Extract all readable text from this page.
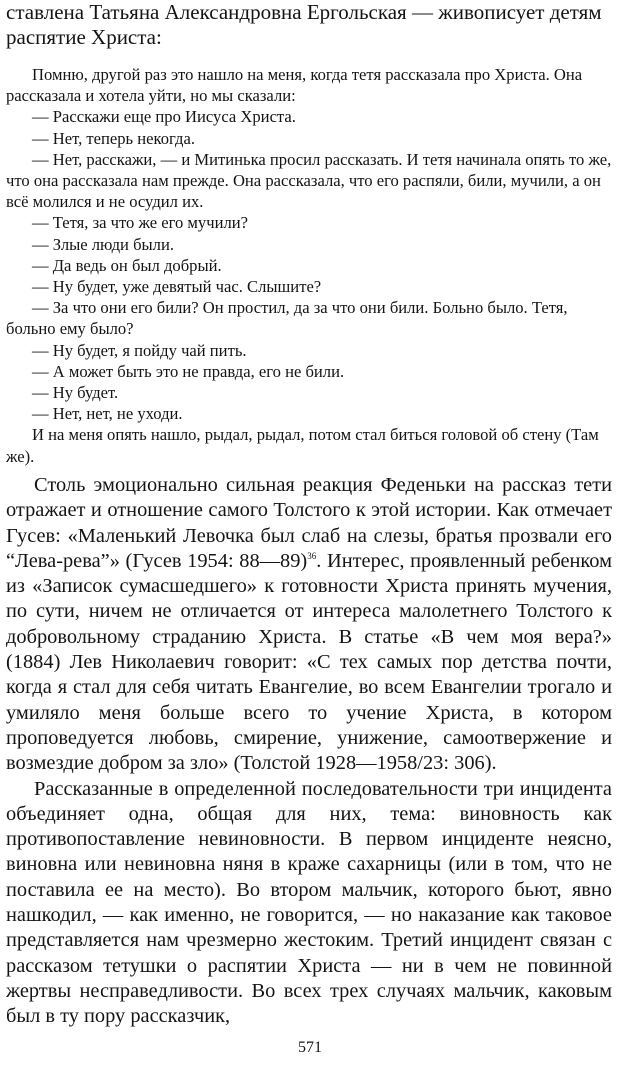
ставлена Татьяна Александровна Ергольская — живописует детям распятие Христа:

Помню, другой раз это нашло на меня, когда тетя рассказала про Христа. Она рассказала и хотела уйти, но мы сказали:

— Расскажи еще про Иисуса Христа.

— Нет, теперь некогда.

— Нет, расскажи, — и Митинька просил рассказать. И тетя начинала опять то же, что она рассказала нам прежде. Она рассказала, что его распяли, били, мучили, а он всё молился и не осудил их.

— Тетя, за что же его мучили?

— Злые люди были.

— Да ведь он был добрый.

— Ну будет, уже девятый час. Слышите?

— За что они его били? Он простил, да за что они били. Больно было. Тетя, больно ему было?

— Ну будет, я пойду чай пить.

— А может быть это не правда, его не били.

— Ну будет.

— Нет, нет, не уходи.

И на меня опять нашло, рыдал, рыдал, потом стал биться головой об стену (Там же).

Столь эмоционально сильная реакция Феденьки на рассказ тети отражает и отношение самого Толстого к этой истории. Как отмечает Гусев: «Маленький Левочка был слаб на слезы, братья прозвали его “Лева-рева”» (Гусев 1954: 88—89)$^{36}$. Интерес, проявленный ребенком из «Записок сумасшедшего» к готовности Христа принять мучения, по сути, ничем не отличается от интереса малолетнего Толстого к добровольному страданию Христа. В статье «В чем моя вера?» (1884) Лев Николаевич говорит: «С тех самых пор детства почти, когда я стал для себя читать Евангелие, во всем Евангелии трогало и умиляло меня больше всего то учение Христа, в котором проповедуется любовь, смирение, унижение, самоотвержение и возмездие добром за зло» (Толстой 1928—1958/23: 306).

Рассказанные в определенной последовательности три инцидента объединяет одна, общая для них, тема: виновность как противопоставление невиновности. В первом инциденте неясно, виновна или невиновна няня в краже сахарницы (или в том, что не поставила ее на место). Во втором мальчик, которого бьют, явно нашкодил, — как именно, не говорится, — но наказание как таковое представляется нам чрезмерно жестоким. Третий инцидент связан с рассказом тетушки о распятии Христа — ни в чем не повинной жертвы несправедливости. Во всех трех случаях мальчик, каковым был в ту пору рассказчик,

571
